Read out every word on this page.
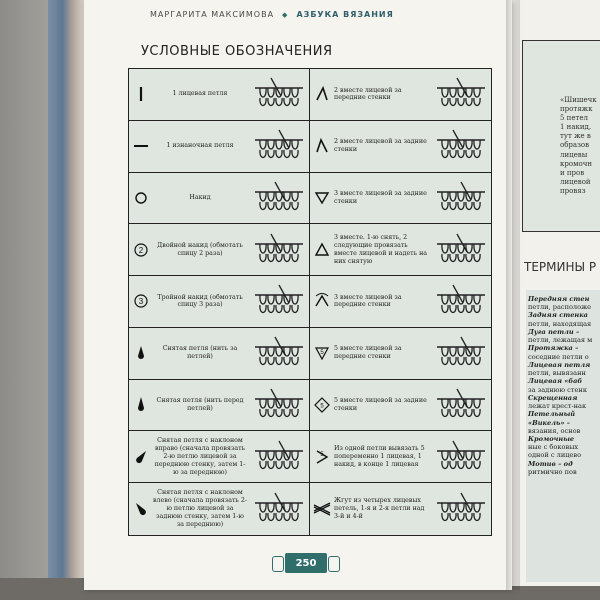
«Шишечк
протяжк
5 петел
1 накид,
тут же в
образов
лицевы
кромочн
и пров
лицевой
провяз
ТЕРМИНЫ Р
Передняя стен
петли, расположе
Задняя стенка
петли, находящая
Дуга петли –
петли, лежащая м
Протяжка –
соседние петли о
Лицевая петля
петли, вывязанн
Лицевая «баб
за заднюю стенк
Скрещенная
лежат крест-нак
Петельный
«Викель» –
вязания, основ
Кромочные
ные с боковых
одной с лицево
Мотив – од
ритмично пов
МАРГАРИТА МАКСИМОВА ◆ АЗБУКА ВЯЗАНИЯ
УСЛОВНЫЕ ОБОЗНАЧЕНИЯ
1 лицевая петля
2 вместе лицевой за передние стенки
1 изнаночная петля
2 вместе лицевой за задние стенки
Накид
3 вместе лицевой за задние стенки
2
Двойной накид (обмотать спицу 2 раза)
3 вместе. 1-ю снять, 2 следующие провязать вместе лицевой и надеть на них снятую
3
Тройной накид (обмотать спицу 3 раза)
3 вместе лицевой за передние стенки
Снятая петля (нить за петлей)	5
5 вместе лицевой за передние стенки
Снятая петля (нить перед петлей)	5
5 вместе лицевой за задние стенки
Снятая петля с наклоном вправо (сначала провязать 2-ю петлю лицевой за переднюю стенку, затем 1-ю за переднюю)
5
Из одной петли вывязать 5 попеременно 1 лицевая, 1 накид, в конце 1 лицевая
Снятая петля с наклоном влево (сначала провязать 2-ю петлю лицевой за заднюю стенку, затем 1-ю за переднюю)
Жгут из четырех лицевых петель, 1-я и 2-я петли над 3-й и 4-й
250
